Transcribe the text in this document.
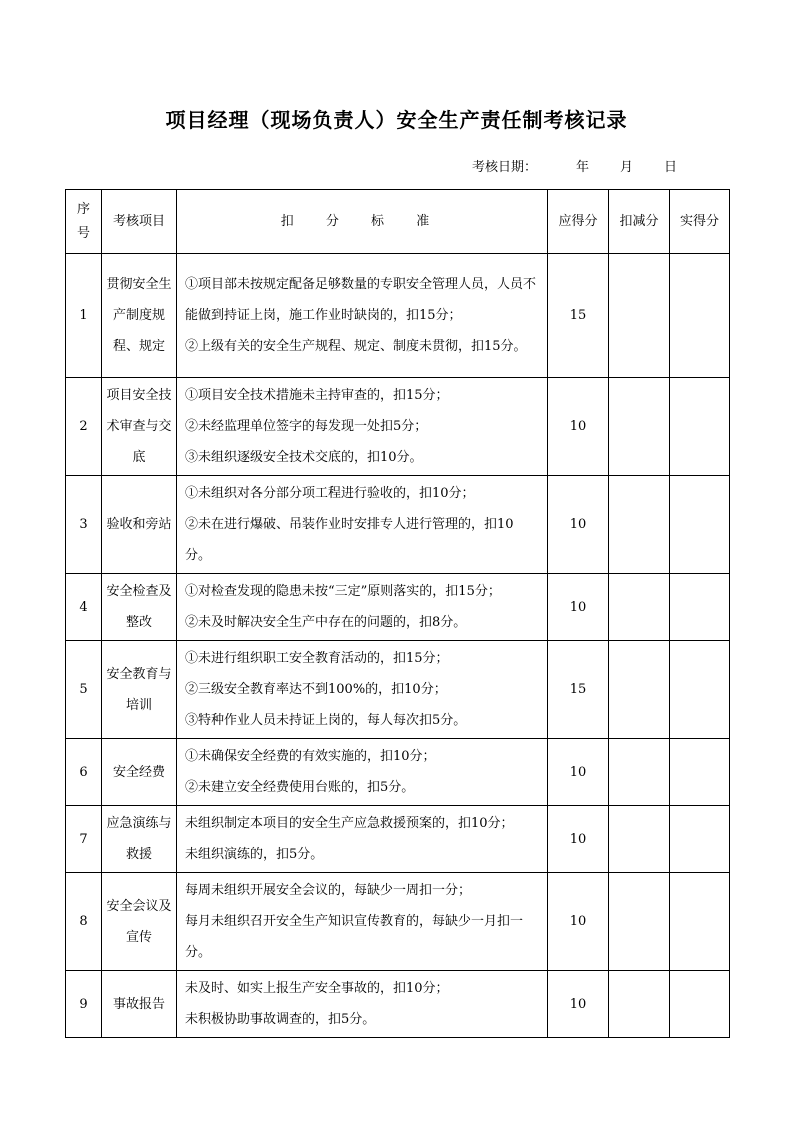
项目经理（现场负责人）安全生产责任制考核记录
考核日期：	年 月 日
序号	考核项目	扣 分 标 准	应得分	扣减分	实得分
1	贯彻安全生产制度规程、规定	①项目部未按规定配备足够数量的专职安全管理人员，人员不能做到持证上岗，施工作业时缺岗的，扣15分；
②上级有关的安全生产规程、规定、制度未贯彻，扣15分。	15		
2	项目安全技术审查与交底	①项目安全技术措施未主持审查的，扣15分；
②未经监理单位签字的每发现一处扣5分；
③未组织逐级安全技术交底的，扣10分。	10		
3	验收和旁站	①未组织对各分部分项工程进行验收的，扣10分；
②未在进行爆破、吊装作业时安排专人进行管理的，扣10分。	10		
4	安全检查及整改	①对检查发现的隐患未按“三定”原则落实的，扣15分；
②未及时解决安全生产中存在的问题的，扣8分。	10		
5	安全教育与培训	①未进行组织职工安全教育活动的，扣15分；
②三级安全教育率达不到100%的，扣10分；
③特种作业人员未持证上岗的，每人每次扣5分。	15		
6	安全经费	①未确保安全经费的有效实施的，扣10分；
②未建立安全经费使用台账的，扣5分。	10		
7	应急演练与救援	未组织制定本项目的安全生产应急救援预案的，扣10分；
未组织演练的，扣5分。	10		
8	安全会议及宣传	每周未组织开展安全会议的，每缺少一周扣一分；
每月未组织召开安全生产知识宣传教育的，每缺少一月扣一分。	10		
9	事故报告	未及时、如实上报生产安全事故的，扣10分；
未积极协助事故调查的，扣5分。	10		
